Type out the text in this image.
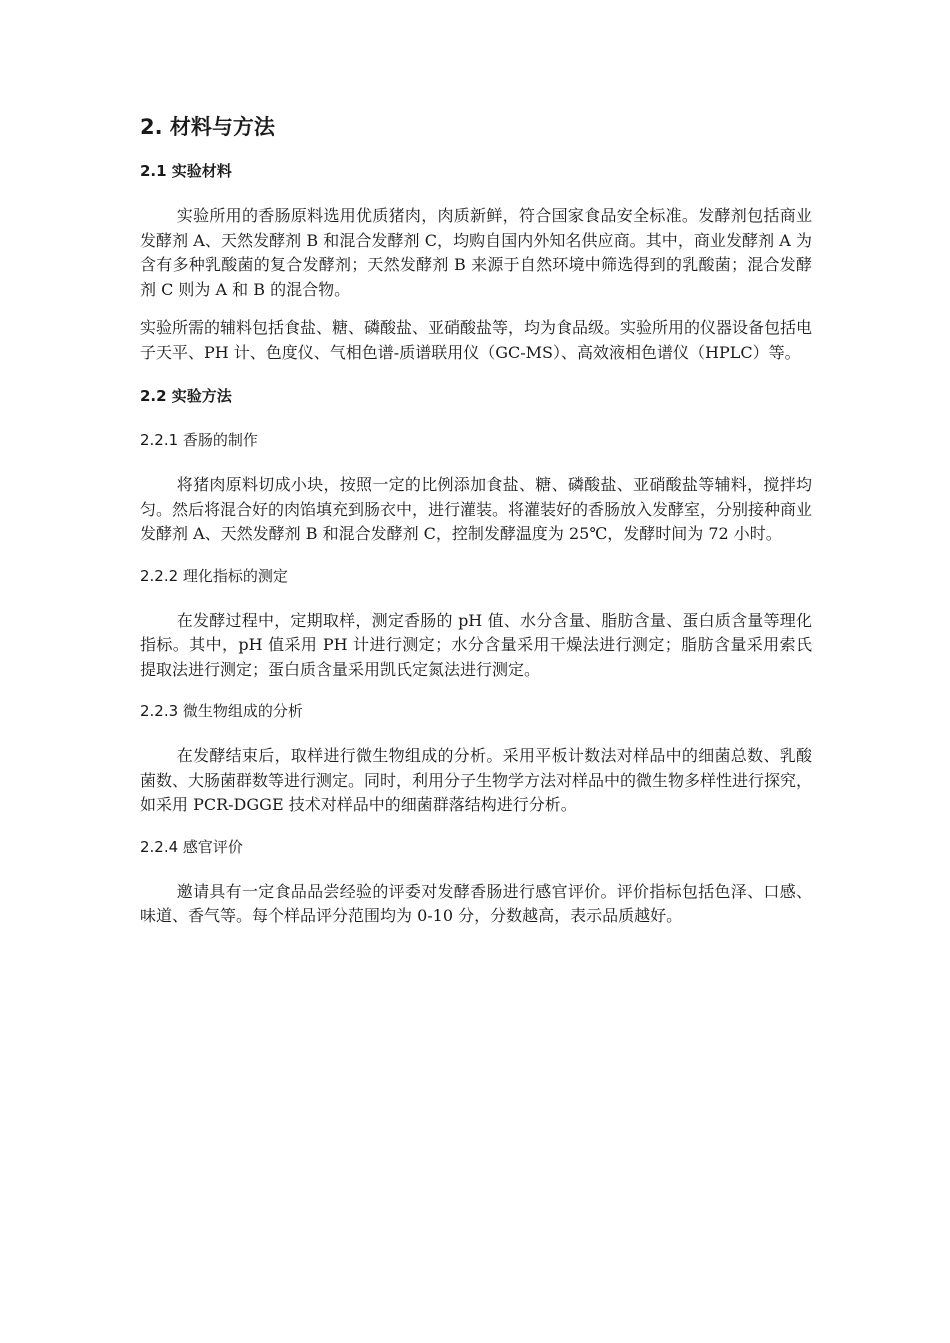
2. 材料与方法
2.1 实验材料

实验所用的香肠原料选用优质猪肉，肉质新鲜，符合国家食品安全标准。发酵剂包括商业发酵剂 A、天然发酵剂 B 和混合发酵剂 C，均购自国内外知名供应商。其中，商业发酵剂 A 为含有多种乳酸菌的复合发酵剂；天然发酵剂 B 来源于自然环境中筛选得到的乳酸菌；混合发酵剂 C 则为 A 和 B 的混合物。

实验所需的辅料包括食盐、糖、磷酸盐、亚硝酸盐等，均为食品级。实验所用的仪器设备包括电子天平、PH 计、色度仪、气相色谱-质谱联用仪（GC-MS）、高效液相色谱仪（HPLC）等。

2.2 实验方法
2.2.1 香肠的制作

将猪肉原料切成小块，按照一定的比例添加食盐、糖、磷酸盐、亚硝酸盐等辅料，搅拌均匀。然后将混合好的肉馅填充到肠衣中，进行灌装。将灌装好的香肠放入发酵室，分别接种商业发酵剂 A、天然发酵剂 B 和混合发酵剂 C，控制发酵温度为 25℃，发酵时间为 72 小时。

2.2.2 理化指标的测定

在发酵过程中，定期取样，测定香肠的 pH 值、水分含量、脂肪含量、蛋白质含量等理化指标。其中，pH 值采用 PH 计进行测定；水分含量采用干燥法进行测定；脂肪含量采用索氏提取法进行测定；蛋白质含量采用凯氏定氮法进行测定。

2.2.3 微生物组成的分析

在发酵结束后，取样进行微生物组成的分析。采用平板计数法对样品中的细菌总数、乳酸菌数、大肠菌群数等进行测定。同时，利用分子生物学方法对样品中的微生物多样性进行探究，如采用 PCR-DGGE 技术对样品中的细菌群落结构进行分析。

2.2.4 感官评价

邀请具有一定食品品尝经验的评委对发酵香肠进行感官评价。评价指标包括色泽、口感、味道、香气等。每个样品评分范围均为 0-10 分，分数越高，表示品质越好。
